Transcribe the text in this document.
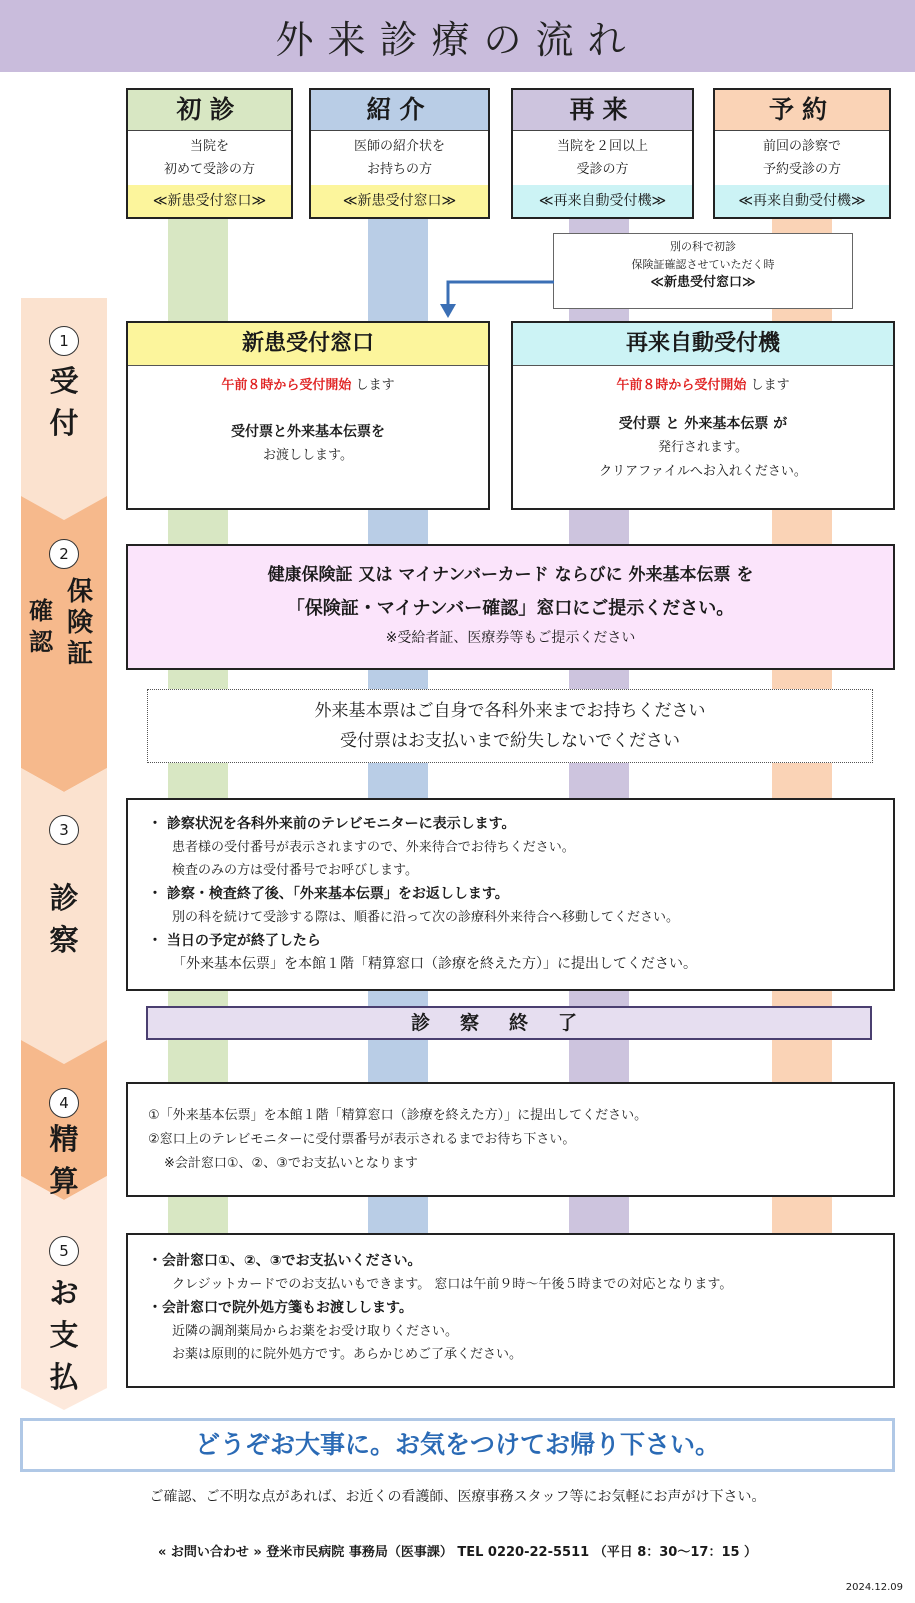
外来診療の流れ
初診
当院を
初めて受診の方
≪新患受付窓口≫
紹介
医師の紹介状を
お持ちの方
≪新患受付窓口≫
再来
当院を２回以上
受診の方
≪再来自動受付機≫
予約
前回の診察で
予約受診の方
≪再来自動受付機≫
別の科で初診
保険証確認させていただく時
≪新患受付窓口≫
1
受
付
2
保険証
確認
3
診
察
4
精
算
5
お
支
払
新患受付窓口
午前８時から受付開始 します
受付票と外来基本伝票を
お渡しします。
再来自動受付機
午前８時から受付開始 します
受付票 と 外来基本伝票 が
発行されます。
クリアファイルへお入れください。
健康保険証 又は マイナンバーカード ならびに 外来基本伝票 を
「保険証・マイナンバー確認」窓口にご提示ください。
※受給者証、医療券等もご提示ください
外来基本票はご自身で各科外来までお持ちください
受付票はお支払いまで紛失しないでください
・ 診察状況を各科外来前のテレビモニターに表示します。
患者様の受付番号が表示されますので、外来待合でお待ちください。
検査のみの方は受付番号でお呼びします。
・ 診察・検査終了後、「外来基本伝票」をお返しします。
別の科を続けて受診する際は、順番に沿って次の診療科外来待合へ移動してください。
・ 当日の予定が終了したら
「外来基本伝票」を本館１階「精算窓口（診療を終えた方）」に提出してください。
診察終了
①「外来基本伝票」を本館１階「精算窓口（診療を終えた方）」に提出してください。
②窓口上のテレビモニターに受付票番号が表示されるまでお待ち下さい。
※会計窓口①、②、③でお支払いとなります
・会計窓口①、②、③でお支払いください。
クレジットカードでのお支払いもできます。 窓口は午前９時～午後５時までの対応となります。
・会計窓口で院外処方箋もお渡しします。
近隣の調剤薬局からお薬をお受け取りください。
お薬は原則的に院外処方です。あらかじめご了承ください。
どうぞお大事に。お気をつけてお帰り下さい。
ご確認、ご不明な点があれば、お近くの看護師、医療事務スタッフ等にお気軽にお声がけ下さい。
« お問い合わせ » 登米市民病院 事務局（医事課） TEL 0220-22-5511 （平日 8：30～17：15 ）
2024.12.09
